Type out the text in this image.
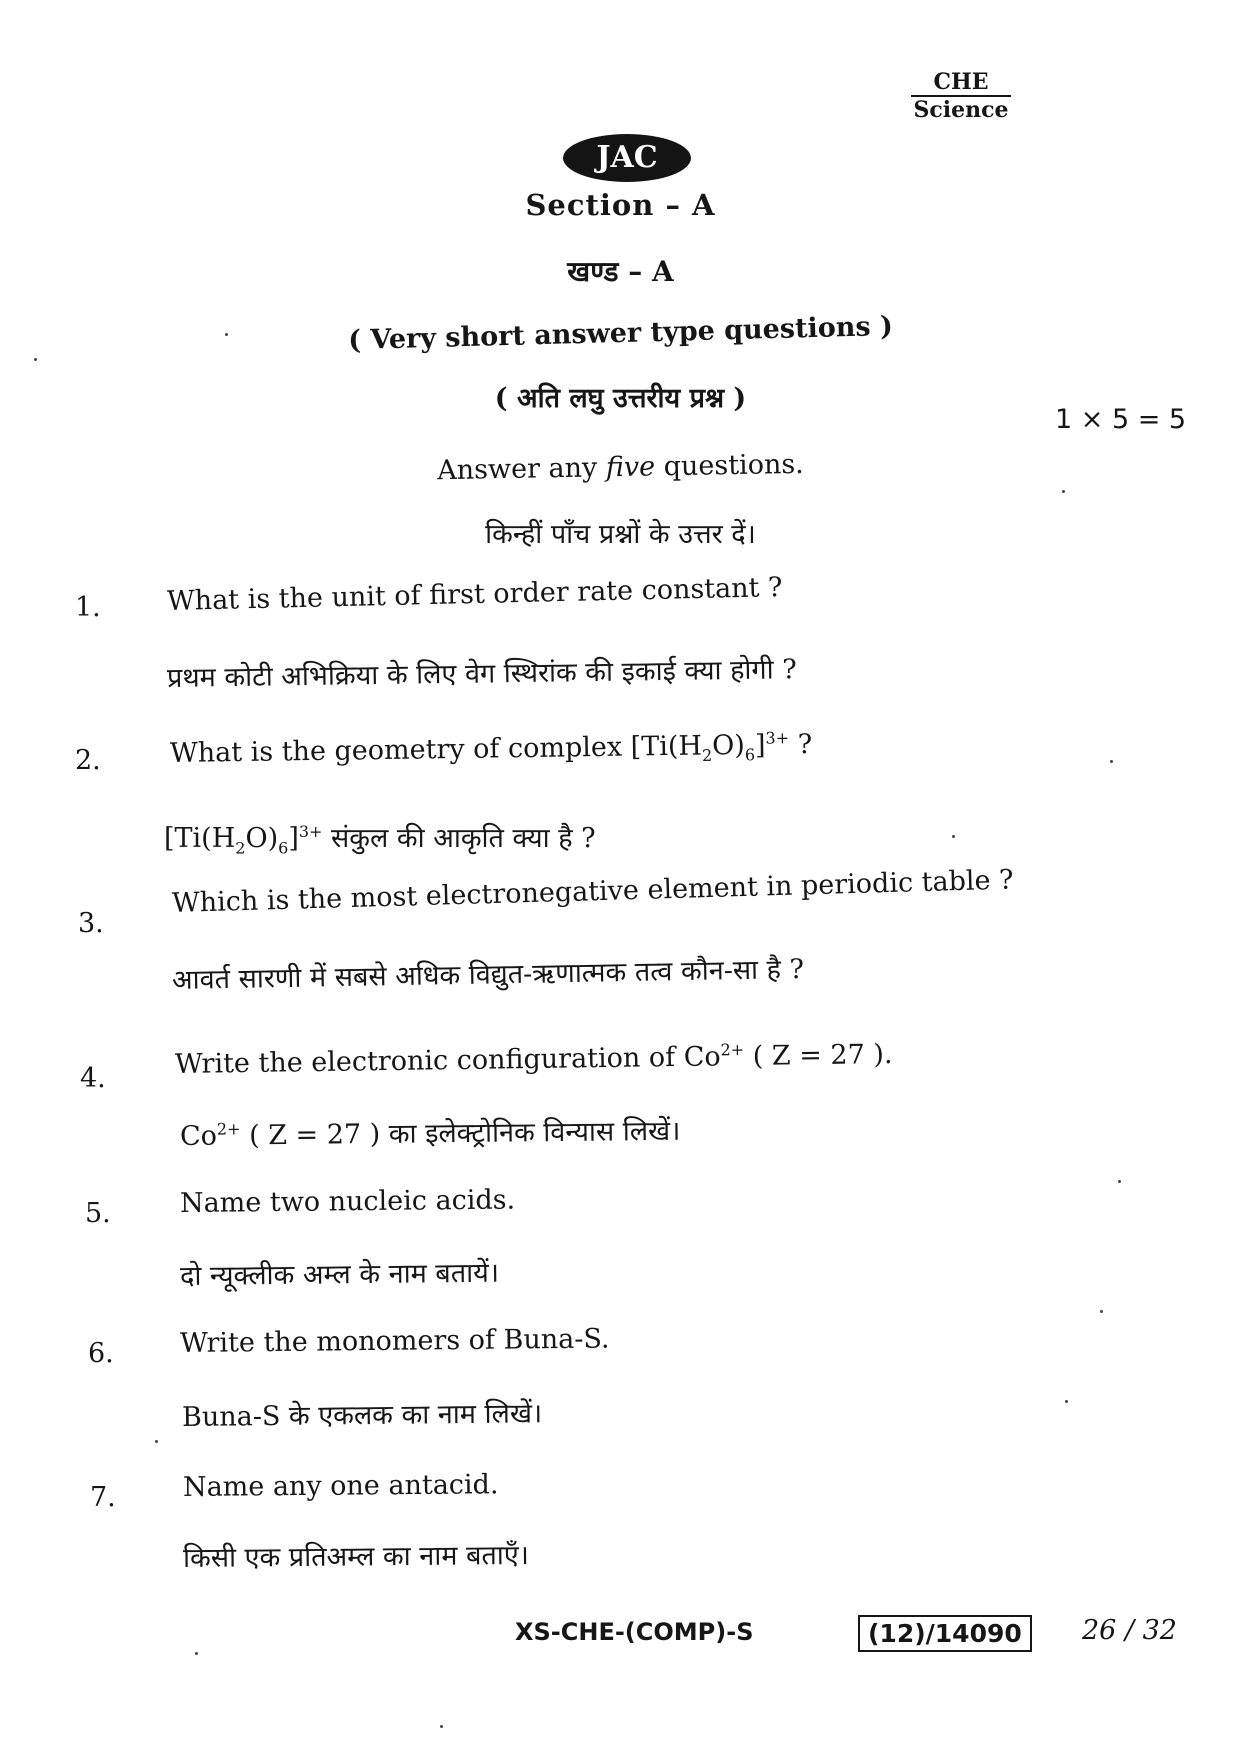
CHE
Science
JAC
Section – A
खण्ड – A
( Very short answer type questions )
( अति लघु उत्तरीय प्रश्न )
1 × 5 = 5
Answer any five questions.
किन्हीं पाँच प्रश्नों के उत्तर दें।
1. What is the unit of first order rate constant ?
प्रथम कोटी अभिक्रिया के लिए वेग स्थिरांक की इकाई क्या होगी ?
2.	What is the geometry of complex $[Ti(H_2O)_6]^{3+}$ ?
$[Ti(H_2O)_6]^{3+}$ संकुल की आकृति क्या है ?
3.
Which is the most electronegative element in periodic table ?
आवर्त सारणी में सबसे अधिक विद्युत-ऋणात्मक तत्व कौन-सा है ?
4.	Write the electronic configuration of $Co^{2+}$ ( Z = 27 ).
$Co^{2+}$ ( Z = 27 ) का इलेक्ट्रोनिक विन्यास लिखें।
5.	Name two nucleic acids.
दो न्यूक्लीक अम्ल के नाम बतायें।
6. Write the monomers of Buna-S.
Buna-S के एकलक का नाम लिखें।
7. Name any one antacid.
किसी एक प्रतिअम्ल का नाम बताएँ।
XS-CHE-(COMP)-S	(12)/14090	26 / 32
